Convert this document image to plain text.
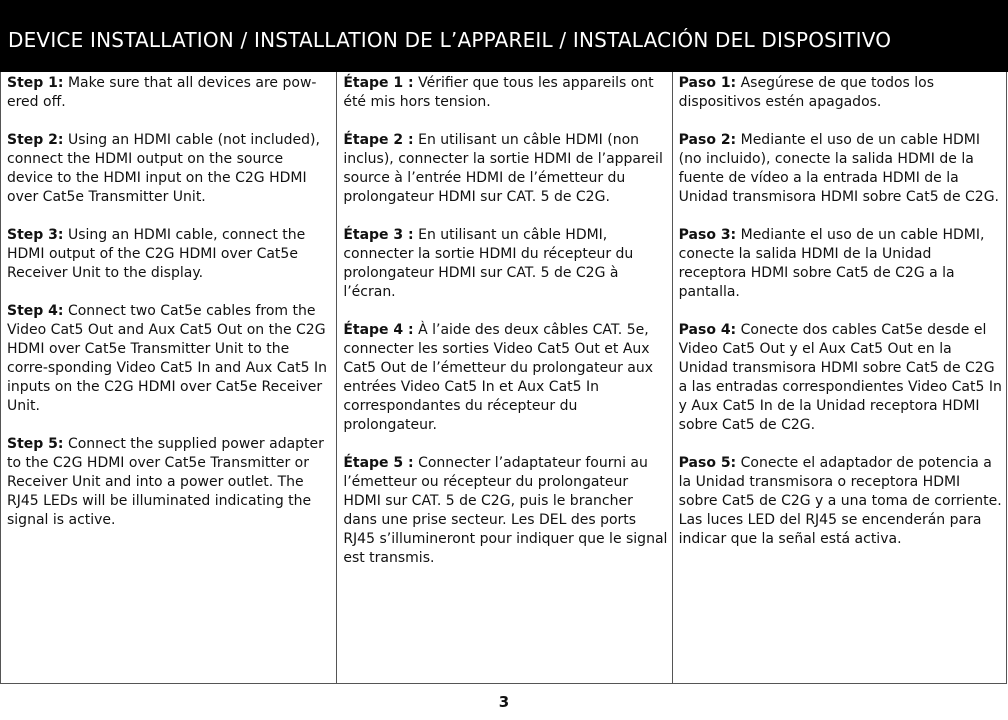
DEVICE INSTALLATION / INSTALLATION DE L’APPAREIL / INSTALACIÓN DEL DISPOSITIVO

Step 1: Make sure that all devices are pow-ered off.

Step 2: Using an HDMI cable (not included), connect the HDMI output on the source device to the HDMI input on the C2G HDMI over Cat5e Transmitter Unit.

Step 3: Using an HDMI cable, connect the HDMI output of the C2G HDMI over Cat5e Receiver Unit to the display.

Step 4: Connect two Cat5e cables from the Video Cat5 Out and Aux Cat5 Out on the C2G HDMI over Cat5e Transmitter Unit to the corre-sponding Video Cat5 In and Aux Cat5 In inputs on the C2G HDMI over Cat5e Receiver Unit.

Step 5: Connect the supplied power adapter to the C2G HDMI over Cat5e Transmitter or Receiver Unit and into a power outlet. The RJ45 LEDs will be illuminated indicating the signal is active.

Étape 1 : Vérifier que tous les appareils ont été mis hors tension.

Étape 2 : En utilisant un câble HDMI (non inclus), connecter la sortie HDMI de l’appareil source à l’entrée HDMI de l’émetteur du prolongateur HDMI sur CAT. 5 de C2G.

Étape 3 : En utilisant un câble HDMI, connecter la sortie HDMI du récepteur du prolongateur HDMI sur CAT. 5 de C2G à l’écran.

Étape 4 : À l’aide des deux câbles CAT. 5e, connecter les sorties Video Cat5 Out et Aux Cat5 Out de l’émetteur du prolongateur aux entrées Video Cat5 In et Aux Cat5 In correspondantes du récepteur du prolongateur.

Étape 5 : Connecter l’adaptateur fourni au l’émetteur ou récepteur du prolongateur HDMI sur CAT. 5 de C2G, puis le brancher dans une prise secteur. Les DEL des ports RJ45 s’illumineront pour indiquer que le signal est transmis.

Paso 1: Asegúrese de que todos los dispositivos estén apagados.

Paso 2: Mediante el uso de un cable HDMI (no incluido), conecte la salida HDMI de la fuente de vídeo a la entrada HDMI de la Unidad transmisora HDMI sobre Cat5 de C2G.

Paso 3: Mediante el uso de un cable HDMI, conecte la salida HDMI de la Unidad receptora HDMI sobre Cat5 de C2G a la pantalla.

Paso 4: Conecte dos cables Cat5e desde el Video Cat5 Out y el Aux Cat5 Out en la Unidad transmisora HDMI sobre Cat5 de C2G a las entradas correspondientes Video Cat5 In y Aux Cat5 In de la Unidad receptora HDMI sobre Cat5 de C2G.

Paso 5: Conecte el adaptador de potencia a la Unidad transmisora o receptora HDMI sobre Cat5 de C2G y a una toma de corriente. Las luces LED del RJ45 se encenderán para indicar que la señal está activa.

3
